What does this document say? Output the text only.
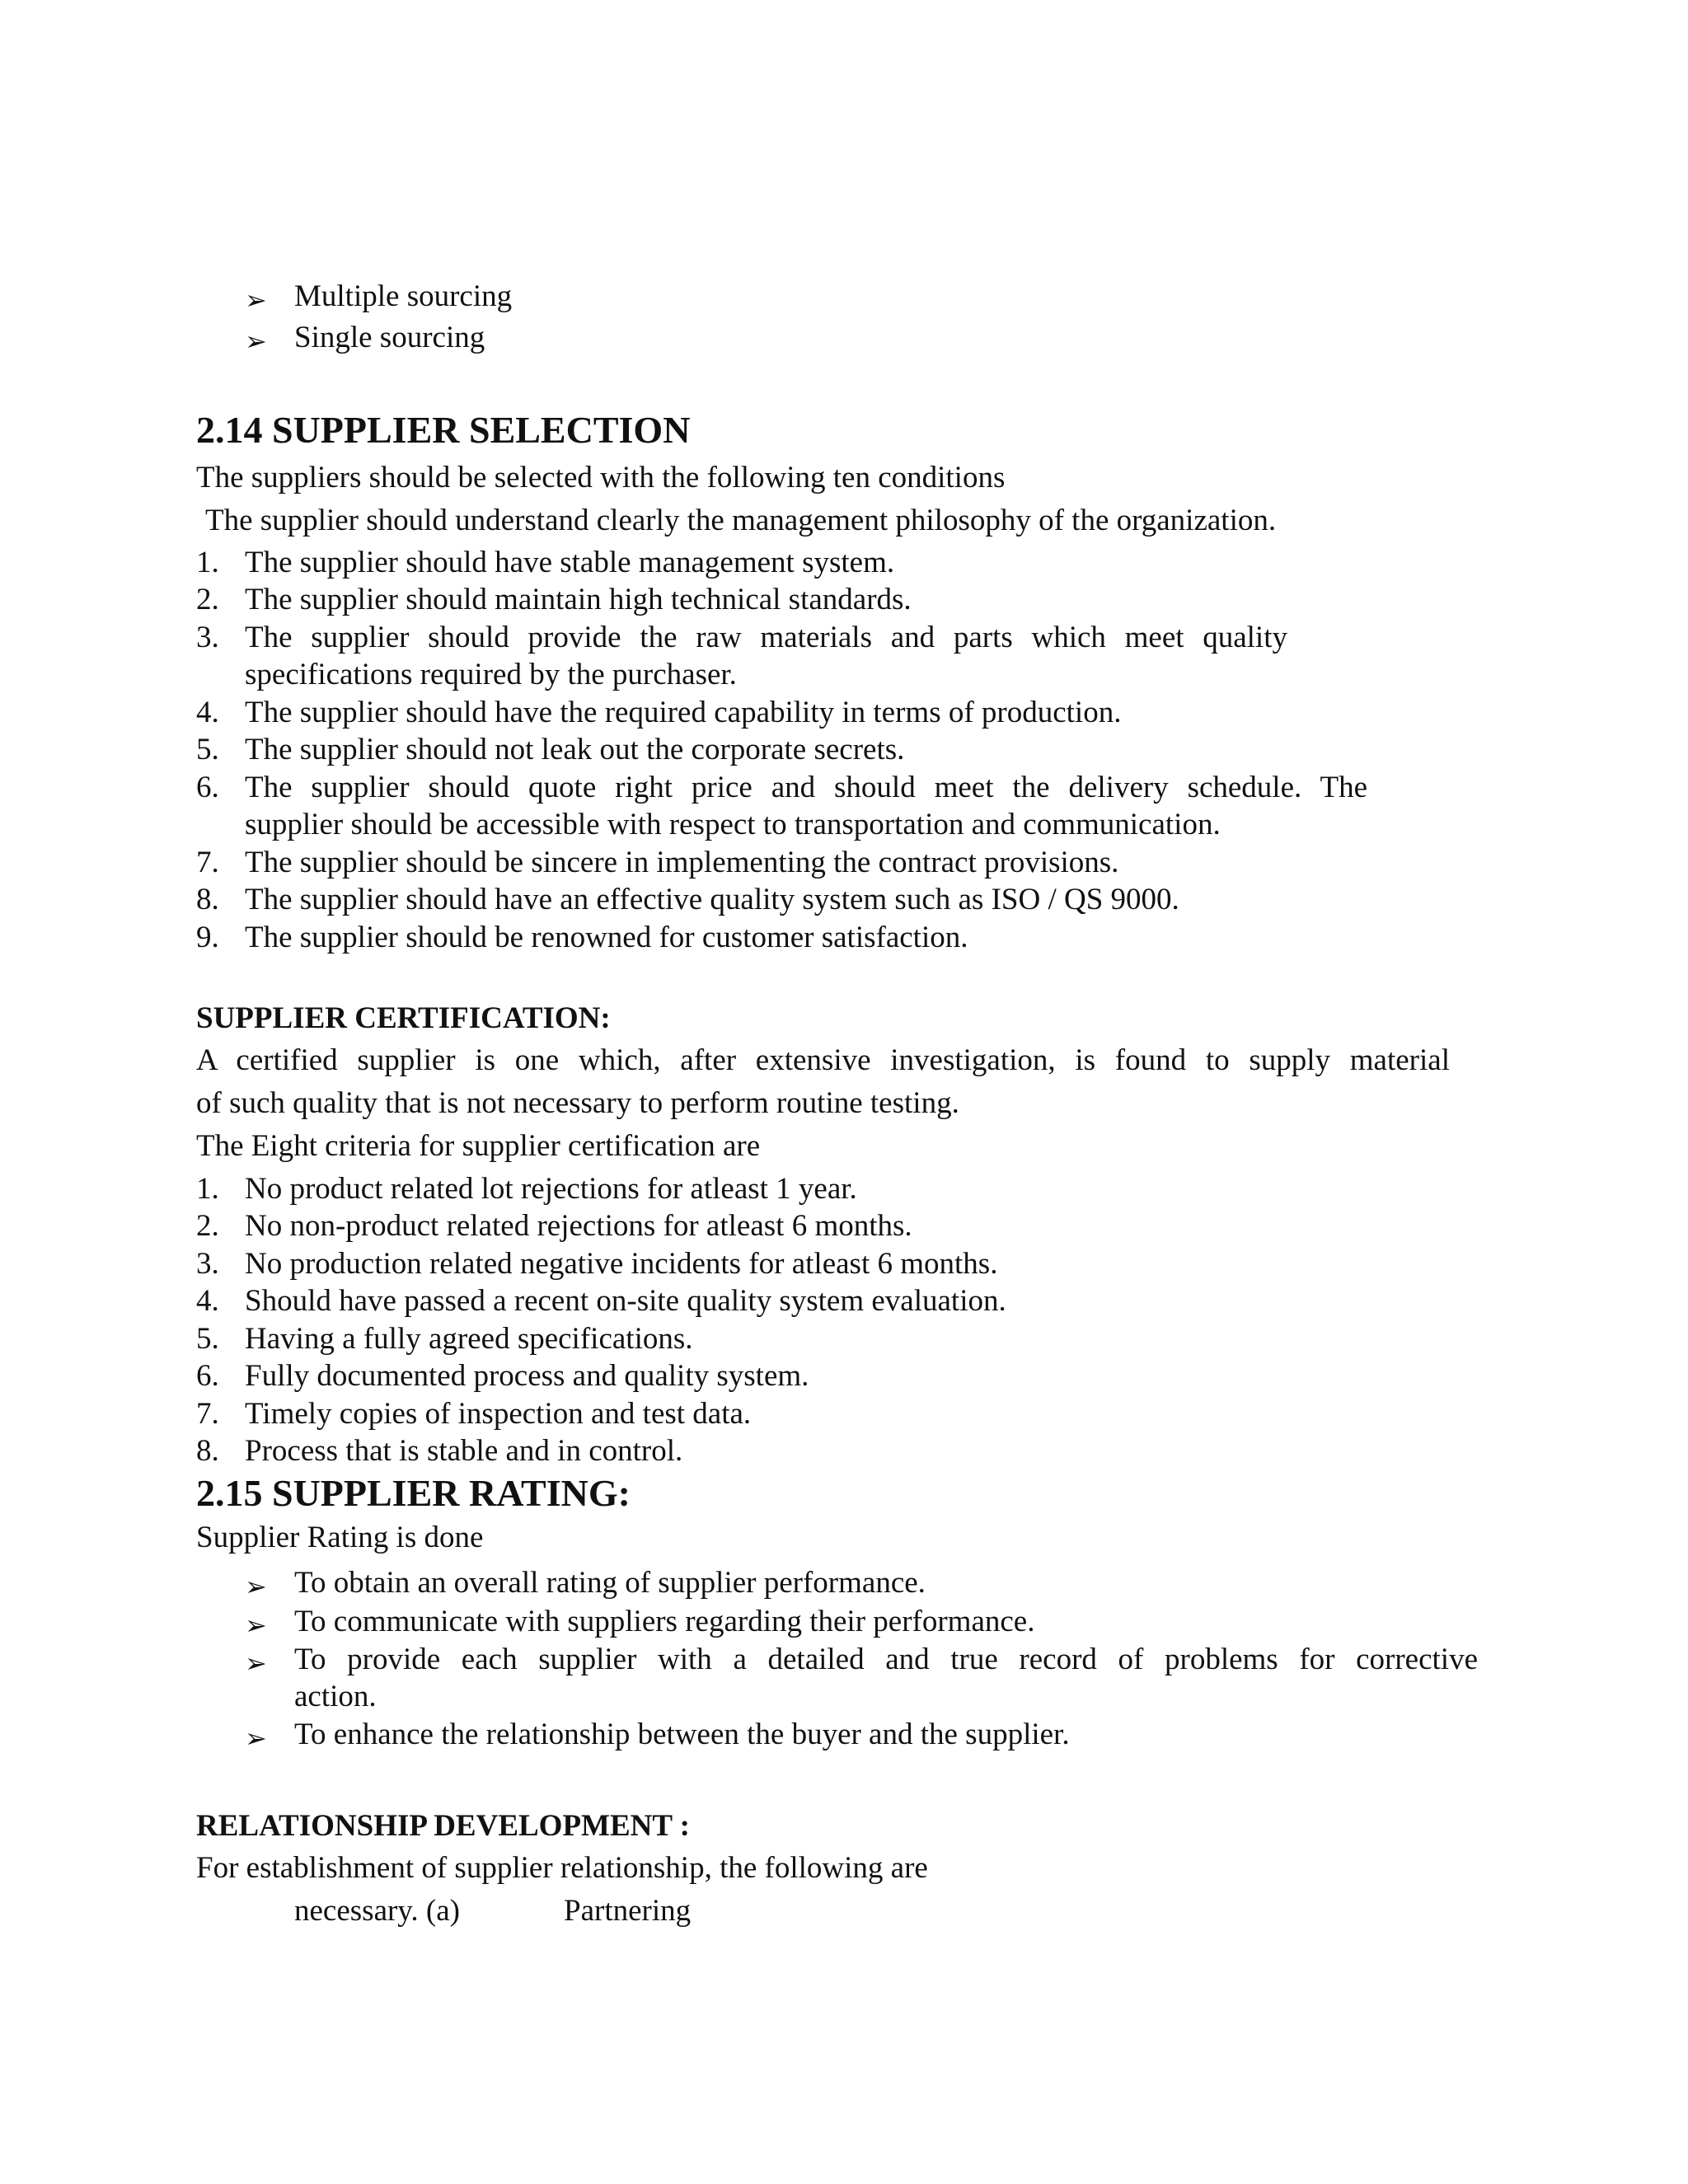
➢ Multiple sourcing
➢ Single sourcing
2.14 SUPPLIER SELECTION
The suppliers should be selected with the following ten conditions
The supplier should understand clearly the management philosophy of the organization.
1. The supplier should have stable management system.
2. The supplier should maintain high technical standards.
3. The supplier should provide the raw materials and parts which meet quality
specifications required by the purchaser.
4. The supplier should have the required capability in terms of production.
5. The supplier should not leak out the corporate secrets.
6. The supplier should quote right price and should meet the delivery schedule. The
supplier should be accessible with respect to transportation and communication.
7. The supplier should be sincere in implementing the contract provisions.
8. The supplier should have an effective quality system such as ISO / QS 9000.
9. The supplier should be renowned for customer satisfaction.
SUPPLIER CERTIFICATION:
A certified supplier is one which, after extensive investigation, is found to supply material
of such quality that is not necessary to perform routine testing.
The Eight criteria for supplier certification are
1. No product related lot rejections for atleast 1 year.
2. No non-product related rejections for atleast 6 months.
3. No production related negative incidents for atleast 6 months.
4. Should have passed a recent on-site quality system evaluation.
5. Having a fully agreed specifications.
6. Fully documented process and quality system.
7. Timely copies of inspection and test data.
8. Process that is stable and in control.
2.15 SUPPLIER RATING:
Supplier Rating is done
➢ To obtain an overall rating of supplier performance.
➢ To communicate with suppliers regarding their performance.
➢ To provide each supplier with a detailed and true record of problems for corrective
action.
➢ To enhance the relationship between the buyer and the supplier.
RELATIONSHIP DEVELOPMENT :
For establishment of supplier relationship, the following are
necessary. (a)	Partnering
